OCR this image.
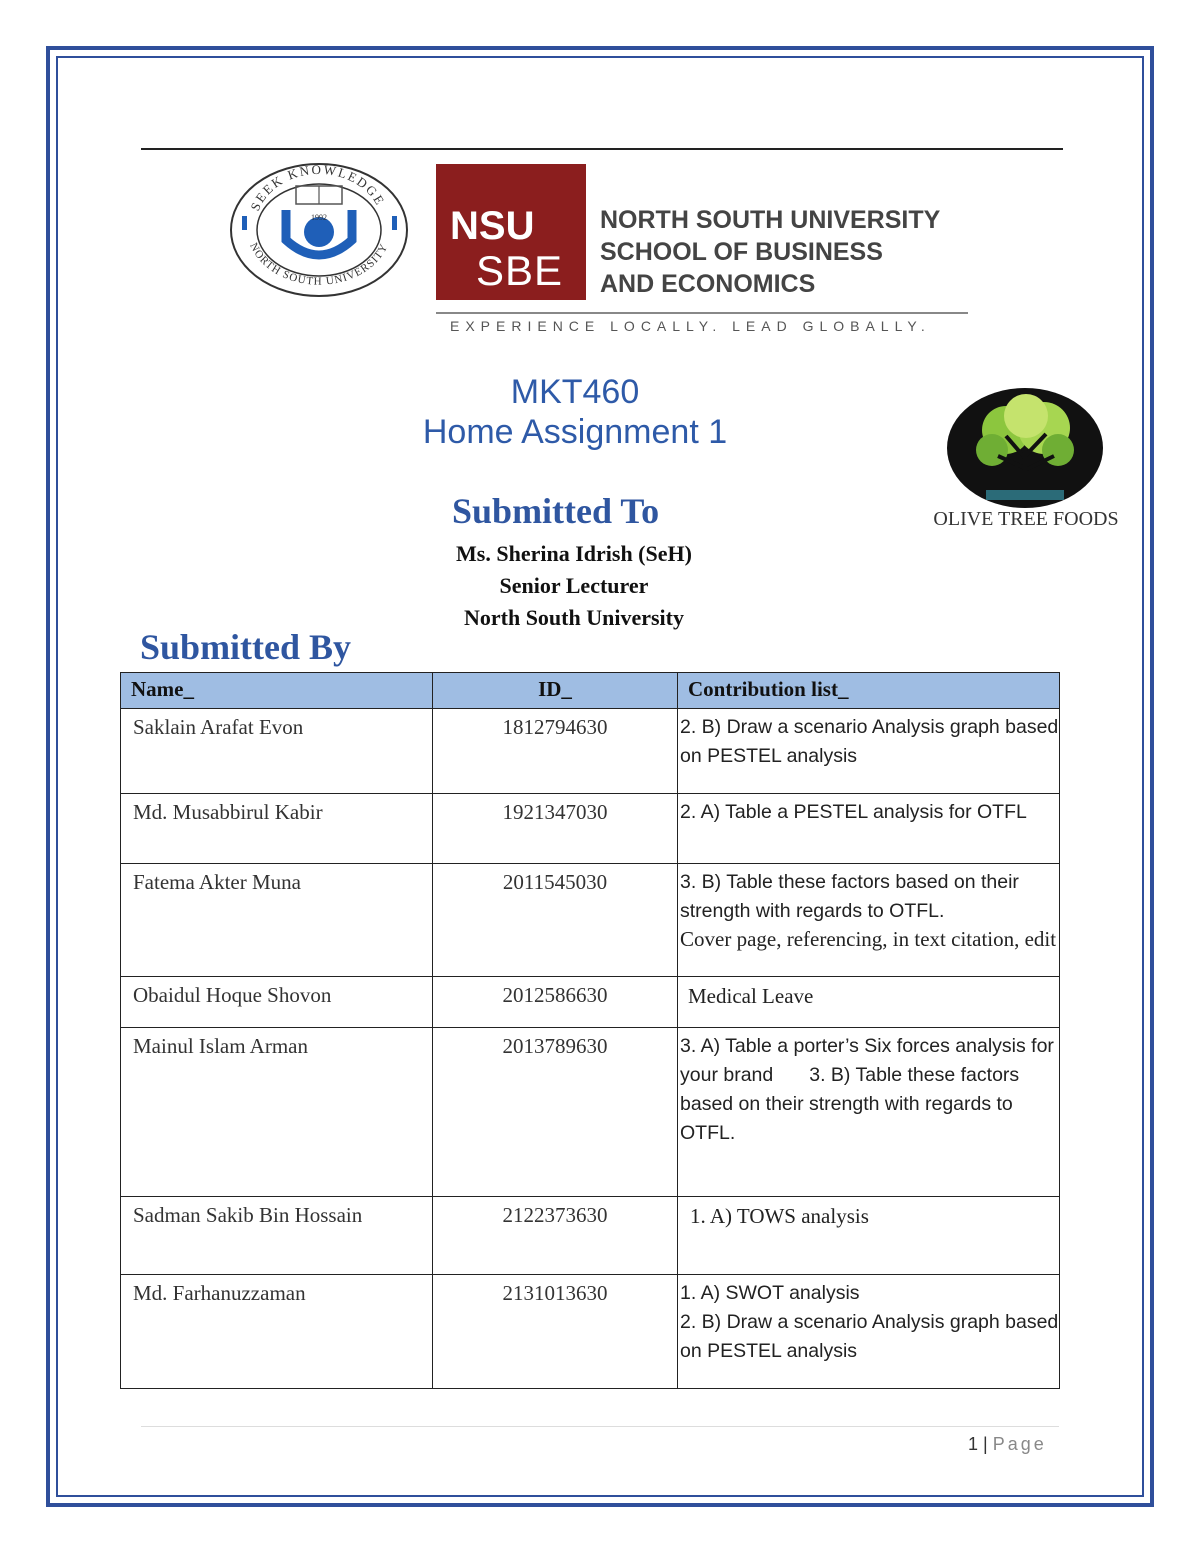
SEEK KNOWLEDGE
NORTH SOUTH UNIVERSITY
1992	NSU
SBE
NORTH SOUTH UNIVERSITY
SCHOOL OF BUSINESS
AND ECONOMICS
EXPERIENCE LOCALLY. LEAD GLOBALLY.
MKT460
Home Assignment 1
OLIVE TREE FOODS
Submitted To
Ms. Sherina Idrish (SeH)
Senior Lecturer
North South University
Submitted By
Name_	ID_	Contribution list_
Saklain Arafat Evon	1812794630	2. B) Draw a scenario Analysis graph based on PESTEL analysis
Md. Musabbirul Kabir	1921347030	2. A) Table a PESTEL analysis for OTFL
Fatema Akter Muna	2011545030	3. B) Table these factors based on their strength with regards to OTFL.
Cover page, referencing, in text citation, edit

Obaidul Hoque Shovon	2012586630	Medical Leave

Mainul Islam Arman	2013789630	3. A) Table a porter’s Six forces analysis for your brand 3. B) Table these factors based on their strength with regards to OTFL.
Sadman Sakib Bin Hossain	2122373630	1. A) TOWS analysis

Md. Farhanuzzaman	2131013630	1. A) SWOT analysis
2. B) Draw a scenario Analysis graph based on PESTEL analysis
1 | Page
